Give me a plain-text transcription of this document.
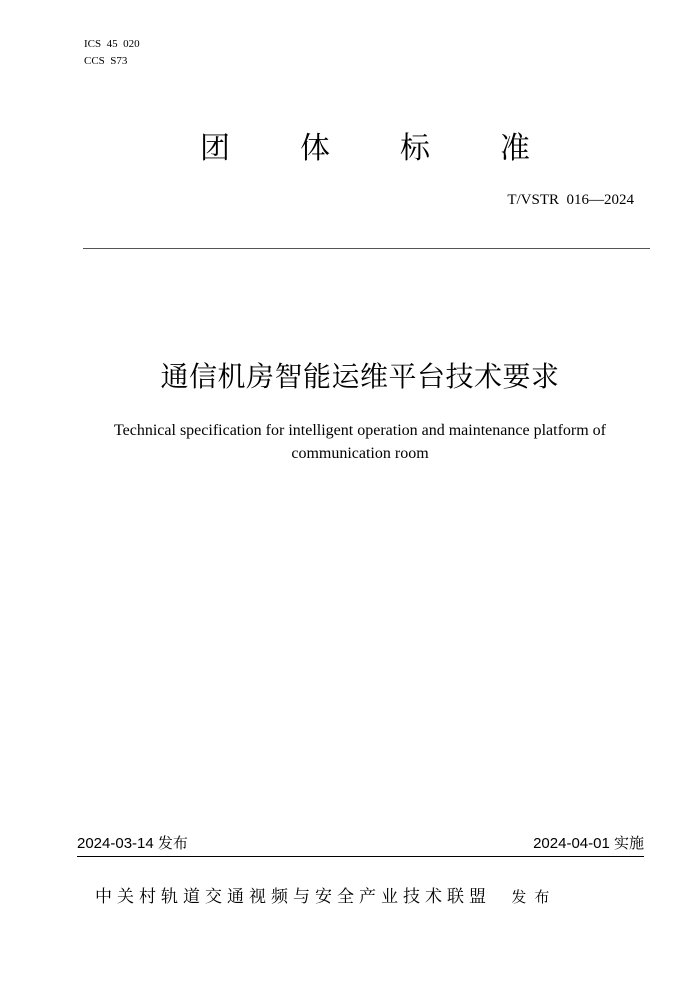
ICS  45  020
CCS  S73
团 体 标 准
T/VSTR  016—2024
通信机房智能运维平台技术要求
Technical specification for intelligent operation and maintenance platform of
communication room
2024-03-14 发布	2024-04-01 实施
中关村轨道交通视频与安全产业技术联盟 发布
